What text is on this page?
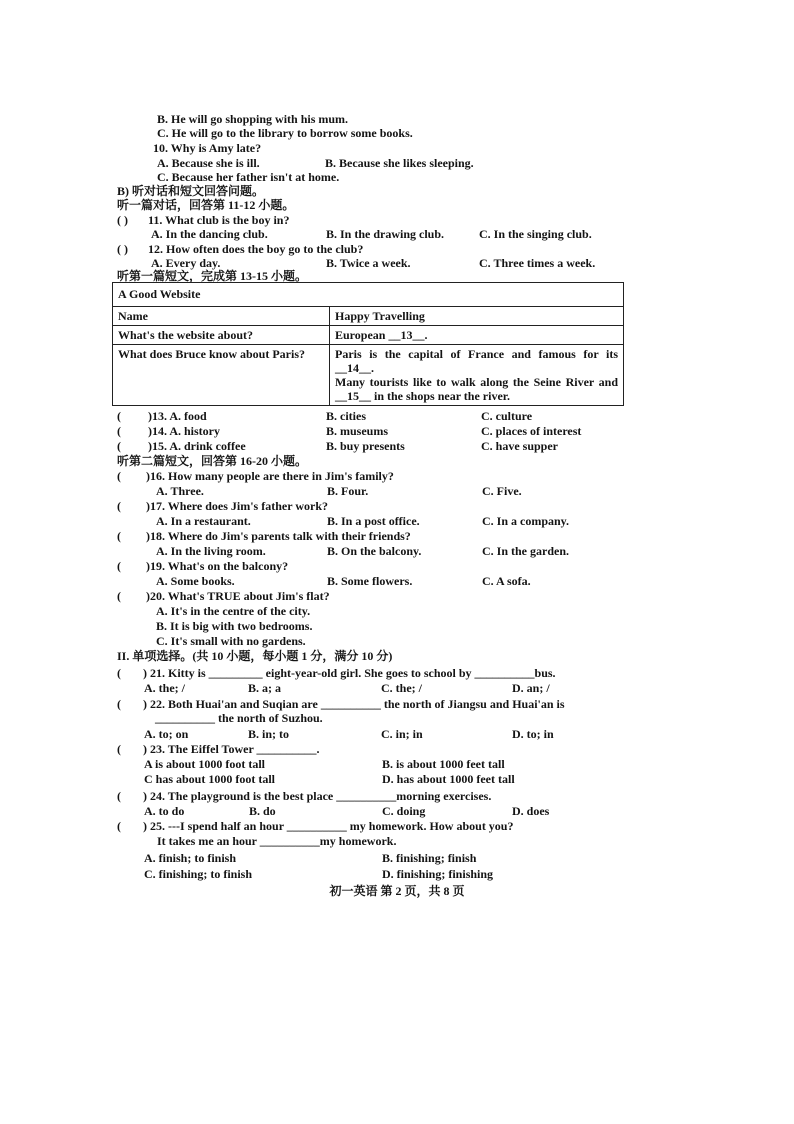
B. He will go shopping with his mum.
C. He will go to the library to borrow some books.
10. Why is Amy late?
A. Because she is ill.	B. Because she likes sleeping.
C. Because her father isn't at home.
B) 听对话和短文回答问题。
听一篇对话，回答第 11-12 小题。
( ) 11. What club is the boy in?
A. In the dancing club.	B. In the drawing club.	C. In the singing club.
( ) 12. How often does the boy go to the club?
A. Every day.	B. Twice a week.	C. Three times a week.
听第一篇短文，完成第 13-15 小题。
A Good Website	
Name	Happy Travelling
What's the website about?	European __13__.
What does Bruce know about Paris?	Paris is the capital of France and famous for its __14__.
Many tourists like to walk along the Seine River and __15__ in the shops near the river.
( )13. A. food	B. cities	C. culture
( )14. A. history	B. museums	C. places of interest
( )15. A. drink coffee	B. buy presents	C. have supper
听第二篇短文，回答第 16-20 小题。
( )16. How many people are there in Jim's family?
A. Three.	B. Four.	C. Five.
( )17. Where does Jim's father work?
A. In a restaurant.	B. In a post office.	C. In a company.
( )18. Where do Jim's parents talk with their friends?
A. In the living room.	B. On the balcony.	C. In the garden.
( )19. What's on the balcony?
A. Some books.	B. Some flowers.	C. A sofa.
( )20. What's TRUE about Jim's flat?
A. It's in the centre of the city.
B. It is big with two bedrooms.
C. It's small with no gardens.
II. 单项选择。(共 10 小题，每小题 1 分，满分 10 分)
( ) 21. Kitty is _________ eight-year-old girl. She goes to school by __________bus.
A. the; /	B. a; a	C. the; /	D. an; /
( ) 22. Both Huai'an and Suqian are __________ the north of Jiangsu and Huai'an is
__________ the north of Suzhou.
A. to; on	B. in; to	C. in; in	D. to; in
( ) 23. The Eiffel Tower __________.
A is about 1000 foot tall	B. is about 1000 feet tall
C has about 1000 foot tall	D. has about 1000 feet tall
( ) 24. The playground is the best place __________morning exercises.
A. to do	B. do	C. doing	D. does
( ) 25. ---I spend half an hour __________ my homework. How about you?
It takes me an hour __________my homework.
A. finish; to finish	B. finishing; finish
C. finishing; to finish	D. finishing; finishing
初一英语 第 2 页，共 8 页
